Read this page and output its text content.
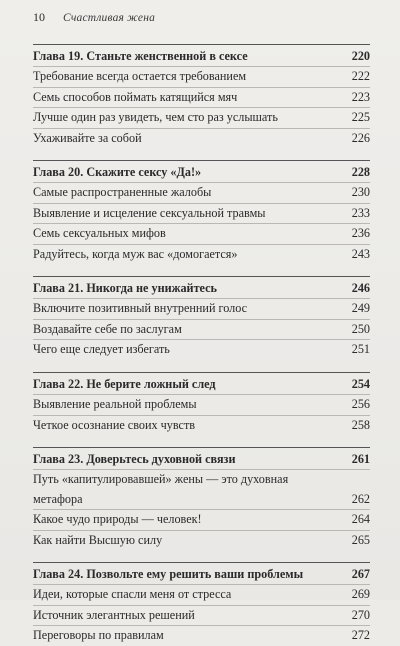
10	Счастливая жена
Глава 19. Станьте женственной в сексе	220
Требование всегда остается требованием	222
Семь способов поймать катящийся мяч	223
Лучше один раз увидеть, чем сто раз услышать	225
Ухаживайте за собой	226
Глава 20. Скажите сексу «Да!»	228
Самые распространенные жалобы	230
Выявление и исцеление сексуальной травмы	233
Семь сексуальных мифов	236
Радуйтесь, когда муж вас «домогается»	243
Глава 21. Никогда не унижайтесь	246
Включите позитивный внутренний голос	249
Воздавайте себе по заслугам	250
Чего еще следует избегать	251
Глава 22. Не берите ложный след	254
Выявление реальной проблемы	256
Четкое осознание своих чувств	258
Глава 23. Доверьтесь духовной связи	261
Путь «капитулировавшей» жены — это духовная
метафора	262
Какое чудо природы — человек!	264
Как найти Высшую силу	265
Глава 24. Позвольте ему решить ваши проблемы	267
Идеи, которые спасли меня от стресса	269
Источник элегантных решений	270
Переговоры по правилам	272
